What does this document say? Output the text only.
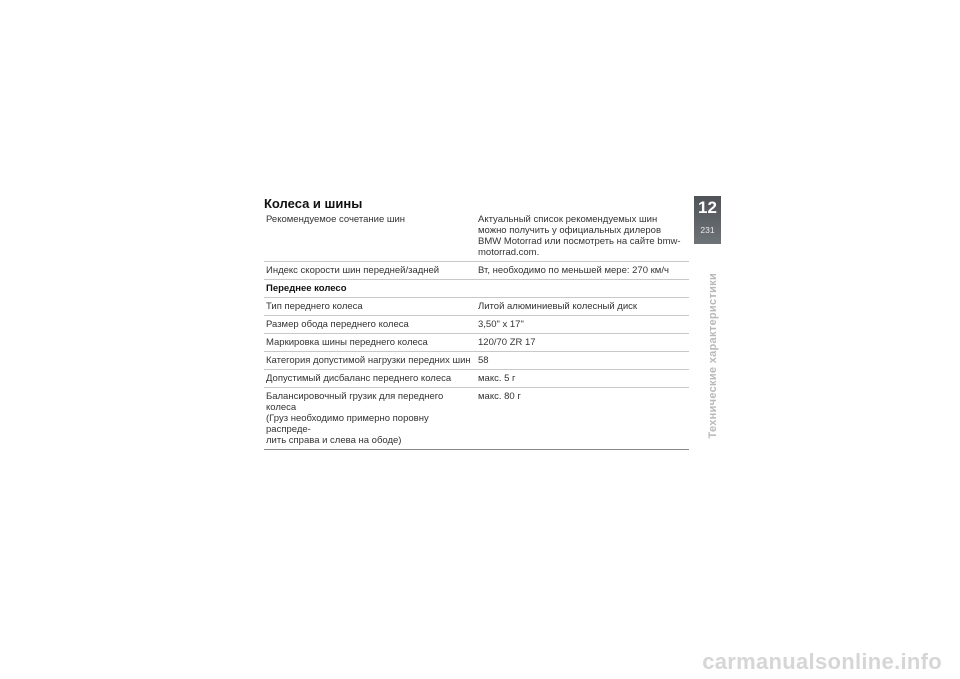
Колеса и шины
Рекомендуемое сочетание шин	Актуальный список рекомендуемых шин
можно получить у официальных дилеров
BMW Motorrad или посмотреть на сайте bmw-
motorrad.com.
Индекс скорости шин передней/задней	Вт, необходимо по меньшей мере: 270 км/ч
Переднее колесо	
Тип переднего колеса	Литой алюминиевый колесный диск
Размер обода переднего колеса	3,50" x 17"
Маркировка шины переднего колеса	120/70 ZR 17
Категория допустимой нагрузки передних шин	58
Допустимый дисбаланс переднего колеса	макс. 5 г
Балансировочный грузик для переднего колеса
(Груз необходимо примерно поровну распреде-
лить справа и слева на ободе)	макс. 80 г
12
231
Технические характеристики
carmanualsonline.info
